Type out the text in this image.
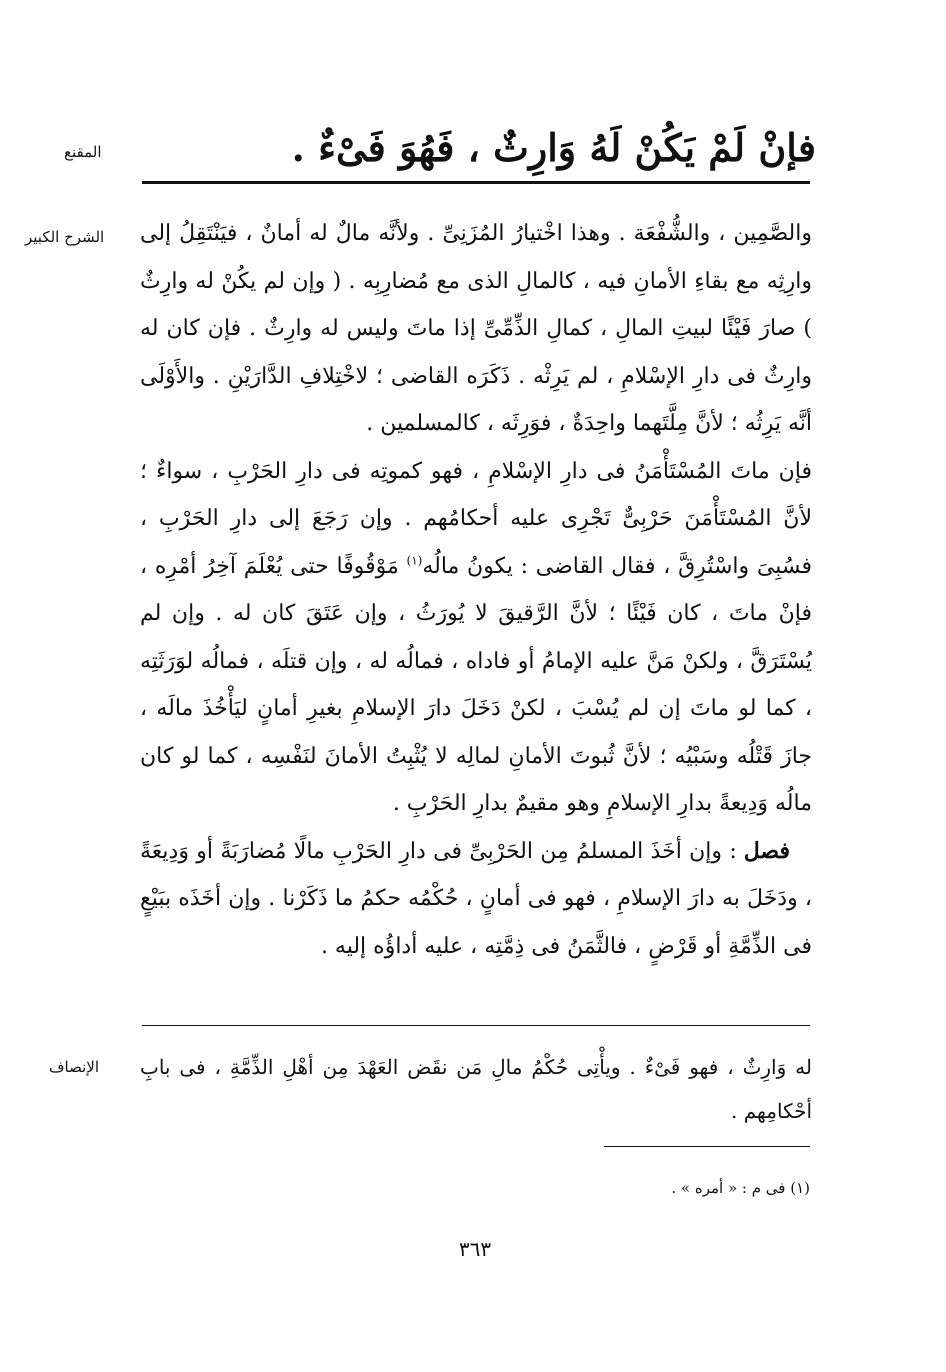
المقنع
الشرح الكبير
الإنصاف
فإنْ لَمْ يَكُنْ لَهُ وَارِثٌ ، فَهُوَ فَىْءٌ .

والصَّمِين ، والشُّفْعَة . وهذا اخْتيارُ المُزَنِىِّ . ولأنَّه مالٌ له أمانٌ ، فيَنْتَقِلُ إلى وارِثِه مع بقاءِ الأمانِ فيه ، كالمالِ الذى مع مُضارِبِه . ( وإن لم يكُنْ له وارِثٌ ) صارَ فَيْئًا لبيتِ المالِ ، كمالِ الذِّمِّىِّ إذا ماتَ وليس له وارِثٌ . فإن كان له وارِثٌ فى دارِ الإسْلامِ ، لم يَرِثْه . ذَكَرَه القاضى ؛ لاخْتِلافِ الدَّارَيْنِ . والأَوْلَى أنَّه يَرِثُه ؛ لأنَّ مِلَّتَهما واحِدَةٌ ، فوَرِثَه ، كالمسلمين .

فإن ماتَ المُسْتَأْمَنُ فى دارِ الإسْلامِ ، فهو كموتِه فى دارِ الحَرْبِ ، سواءٌ ؛ لأنَّ المُسْتَأْمَنَ حَرْبِىٌّ تَجْرِى عليه أحكامُهم . وإن رَجَعَ إلى دارِ الحَرْبِ ، فسُبِىَ واسْتُرِقَّ ، فقال القاضى : يكونُ مالُه$^{(١)}$ مَوْقُوفًا حتى يُعْلَمَ آخِرُ أمْرِه ، فإنْ ماتَ ، كان فَيْئًا ؛ لأنَّ الرَّقيقَ لا يُورَثُ ، وإن عَتَقَ كان له . وإن لم يُسْتَرَقَّ ، ولكنْ مَنَّ عليه الإمامُ أو فاداه ، فمالُه له ، وإن قتلَه ، فمالُه لوَرَثَتِه ، كما لو ماتَ إن لم يُسْبَ ، لكنْ دَخَلَ دارَ الإسلامِ بغيرِ أمانٍ ليَأْخُذَ مالَه ، جازَ قَتْلُه وسَبْيُه ؛ لأنَّ ثُبوتَ الأمانِ لمالِه لا يُثْبِتُ الأمانَ لنَفْسِه ، كما لو كان مالُه وَدِيعةً بدارِ الإسلامِ وهو مقيمٌ بدارِ الحَرْبِ .

فصل : وإن أخَذَ المسلمُ مِن الحَرْبِىِّ فى دارِ الحَرْبِ مالًا مُضارَبَةً أو وَدِيعَةً ، ودَخَلَ به دارَ الإسلامِ ، فهو فى أمانٍ ، حُكْمُه حكمُ ما ذَكَرْنا . وإن أخَذَه ببَيْعٍ فى الذِّمَّةِ أو قَرْضٍ ، فالثَّمَنُ فى ذِمَّتِه ، عليه أداؤُه إليه .

له وَارِثٌ ، فهو فَىْءٌ . ويأْتِى حُكْمُ مالِ مَن نقَض العَهْدَ مِن أهْلِ الذِّمَّةِ ، فى بابِ أحْكامِهم .
(١) فى م : « أمره » .
٣٦٣
